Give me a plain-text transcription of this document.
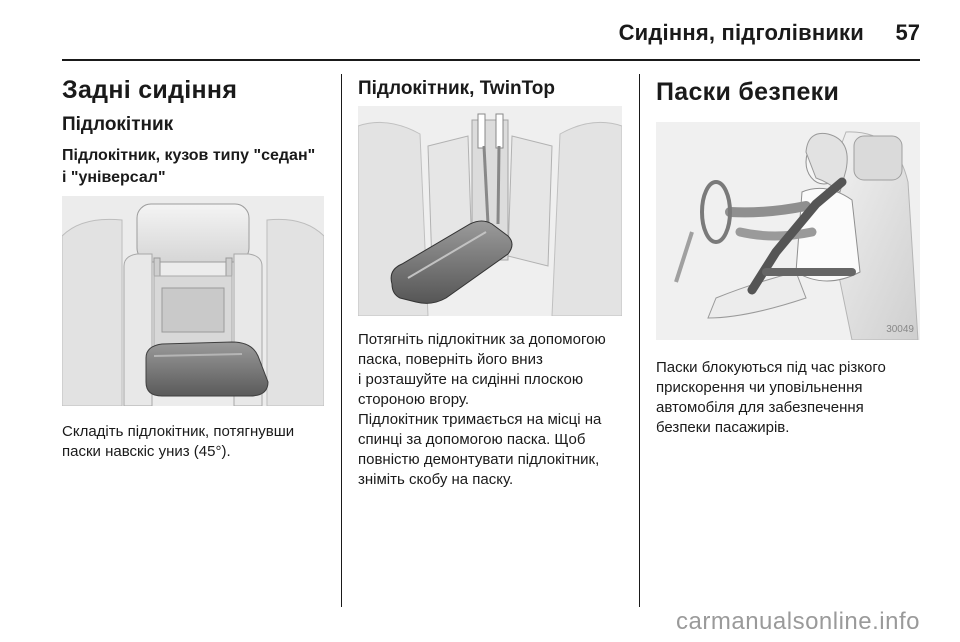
Сидіння, підголівники 57
Задні сидіння
Підлокітник
Підлокітник, кузов типу "седан"
і "універсал"
Складіть підлокітник, потягнувши
паски навскіс униз (45°).
Підлокітник, TwinTop
Потягніть підлокітник за допомогою
паска, поверніть його вниз
і розташуйте на сидінні плоскою
стороною вгору.
Підлокітник тримається на місці на
спинці за допомогою паска. Щоб
повністю демонтувати підлокітник,
зніміть скобу на паску.
Паски безпеки
30049
Паски блокуються під час різкого
прискорення чи уповільнення
автомобіля для забезпечення
безпеки пасажирів.
carmanualsonline.info
